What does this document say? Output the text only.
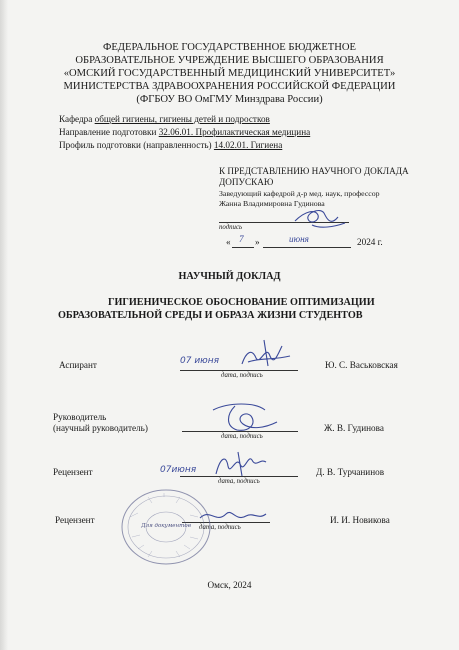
ФЕДЕРАЛЬНОЕ ГОСУДАРСТВЕННОЕ БЮДЖЕТНОЕ
ОБРАЗОВАТЕЛЬНОЕ УЧРЕЖДЕНИЕ ВЫСШЕГО ОБРАЗОВАНИЯ
«ОМСКИЙ ГОСУДАРСТВЕННЫЙ МЕДИЦИНСКИЙ УНИВЕРСИТЕТ»
МИНИСТЕРСТВА ЗДРАВООХРАНЕНИЯ РОССИЙСКОЙ ФЕДЕРАЦИИ
(ФГБОУ ВО ОмГМУ Минздрава России)
Кафедра общей гигиены, гигиены детей и подростков
Направление подготовки 32.06.01. Профилактическая медицина
Профиль подготовки (направленность) 14.02.01. Гигиена
К ПРЕДСТАВЛЕНИЮ НАУЧНОГО ДОКЛАДА
ДОПУСКАЮ
Заведующий кафедрой д-р мед. наук, профессор
Жанна Владимировна Гудинова
подпись
« 7 »	июня	2024 г.
НАУЧНЫЙ ДОКЛАД
ГИГИЕНИЧЕСКОЕ ОБОСНОВАНИЕ ОПТИМИЗАЦИИ
ОБРАЗОВАТЕЛЬНОЙ СРЕДЫ И ОБРАЗА ЖИЗНИ СТУДЕНТОВ
Аспирант
дата, подпись
Ю. С. Васьковская
07 июня
Руководитель
(научный руководитель)
дата, подпись
Ж. В. Гудинова
Рецензент
дата, подпись
Д. В. Турчанинов
07июня
Рецензент
дата, подпись
И. И. Новикова
Для документов
Омск, 2024
